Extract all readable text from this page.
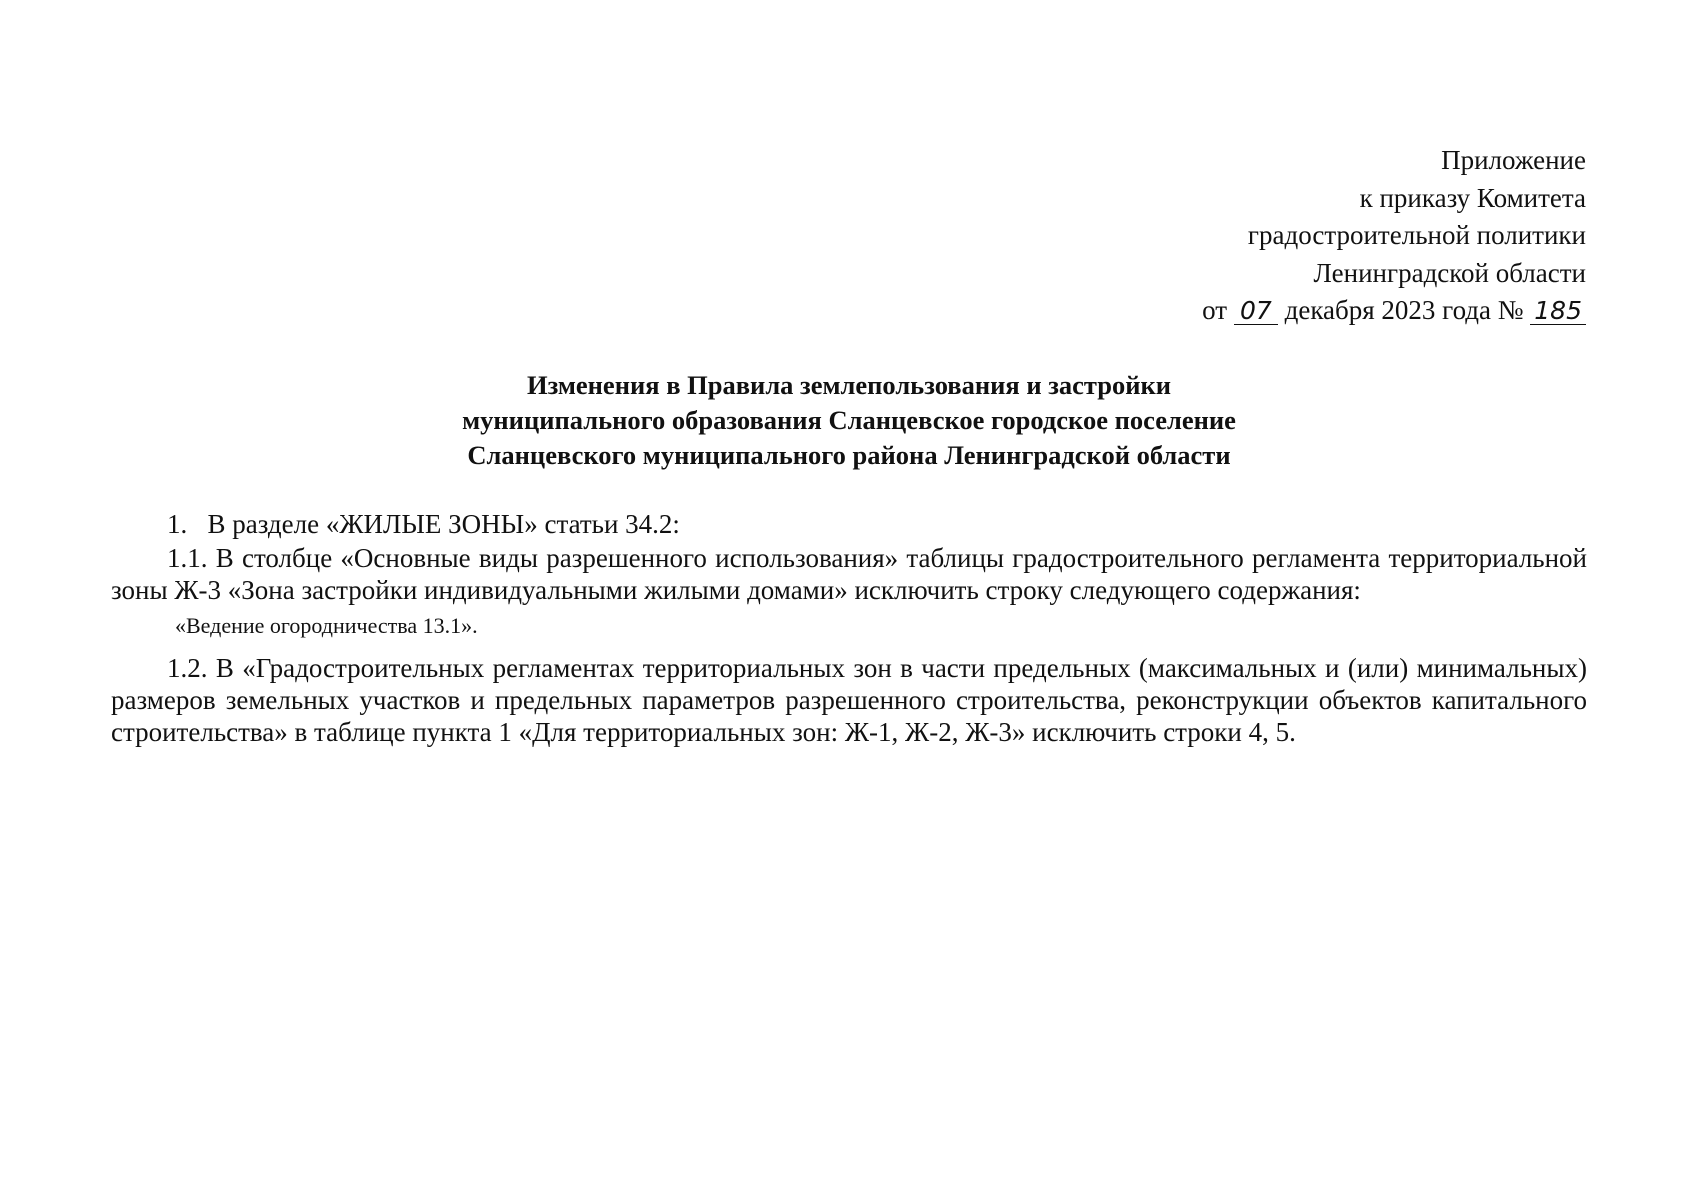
Приложение
к приказу Комитета
градостроительной политики
Ленинградской области
от 07 декабря 2023 года № 185
Изменения в Правила землепользования и застройки
муниципального образования Сланцевское городское поселение
Сланцевского муниципального района Ленинградской области

1. В разделе «ЖИЛЫЕ ЗОНЫ» статьи 34.2:

1.1. В столбце «Основные виды разрешенного использования» таблицы градостроительного регламента территориальной зоны Ж-3 «Зона застройки индивидуальными жилыми домами» исключить строку следующего содержания:

«Ведение огородничества 13.1».

1.2. В «Градостроительных регламентах территориальных зон в части предельных (максимальных и (или) минимальных) размеров земельных участков и предельных параметров разрешенного строительства, реконструкции объектов капитального строительства» в таблице пункта 1 «Для территориальных зон: Ж-1, Ж-2, Ж-3» исключить строки 4, 5.
